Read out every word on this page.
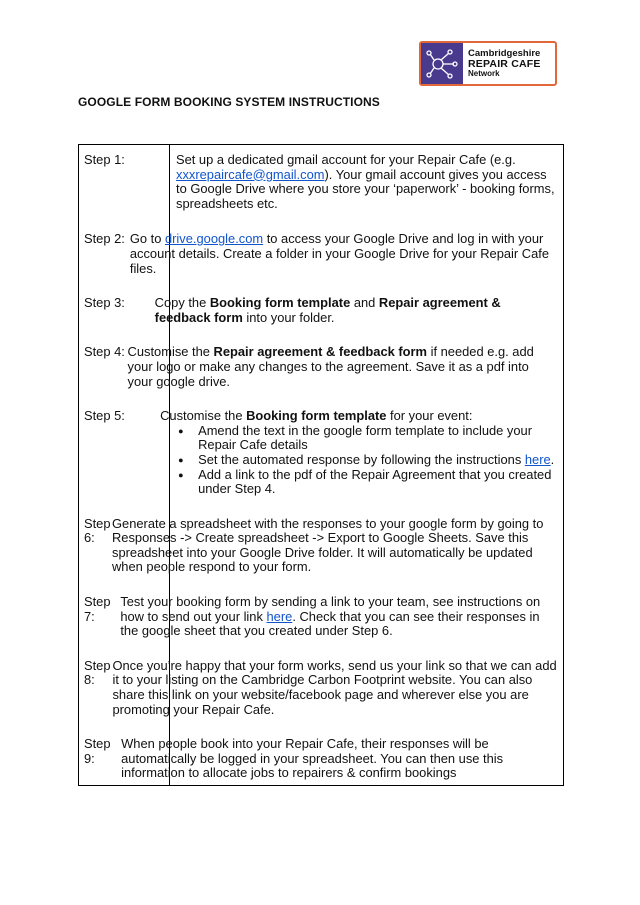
Cambridgeshire
REPAIR CAFE
Network
GOOGLE FORM BOOKING SYSTEM INSTRUCTIONS
Step 1:	Set up a dedicated gmail account for your Repair Cafe (e.g. xxxrepaircafe@gmail.com). Your gmail account gives you access to Google Drive where you store your ‘paperwork’ - booking forms, spreadsheets etc.
Step 2: Go to drive.google.com to access your Google Drive and log in with your account details. Create a folder in your Google Drive for your Repair Cafe files.
Step 3:	Copy the Booking form template and Repair agreement & feedback form into your folder.
Step 4: Customise the Repair agreement & feedback form if needed e.g. add your logo or make any changes to the agreement. Save it as a pdf into your google drive.
Step 5:	Customise the Booking form template for your event:
● Amend the text in the google form template to include your Repair Cafe details
● Set the automated response by following the instructions here.
● Add a link to the pdf of the Repair Agreement that you created under Step 4.
Step 6:
Generate a spreadsheet with the responses to your google form by going to Responses -> Create spreadsheet -> Export to Google Sheets. Save this spreadsheet into your Google Drive folder. It will automatically be updated when people respond to your form.
Step 7:
Test your booking form by sending a link to your team, see instructions on how to send out your link here. Check that you can see their responses in the google sheet that you created under Step 6.
Step 8:
Once you’re happy that your form works, send us your link so that we can add it to your listing on the Cambridge Carbon Footprint website. You can also share this link on your website/facebook page and wherever else you are promoting your Repair Cafe.
Step 9:
When people book into your Repair Cafe, their responses will be automatically be logged in your spreadsheet. You can then use this information to allocate jobs to repairers & confirm bookings
